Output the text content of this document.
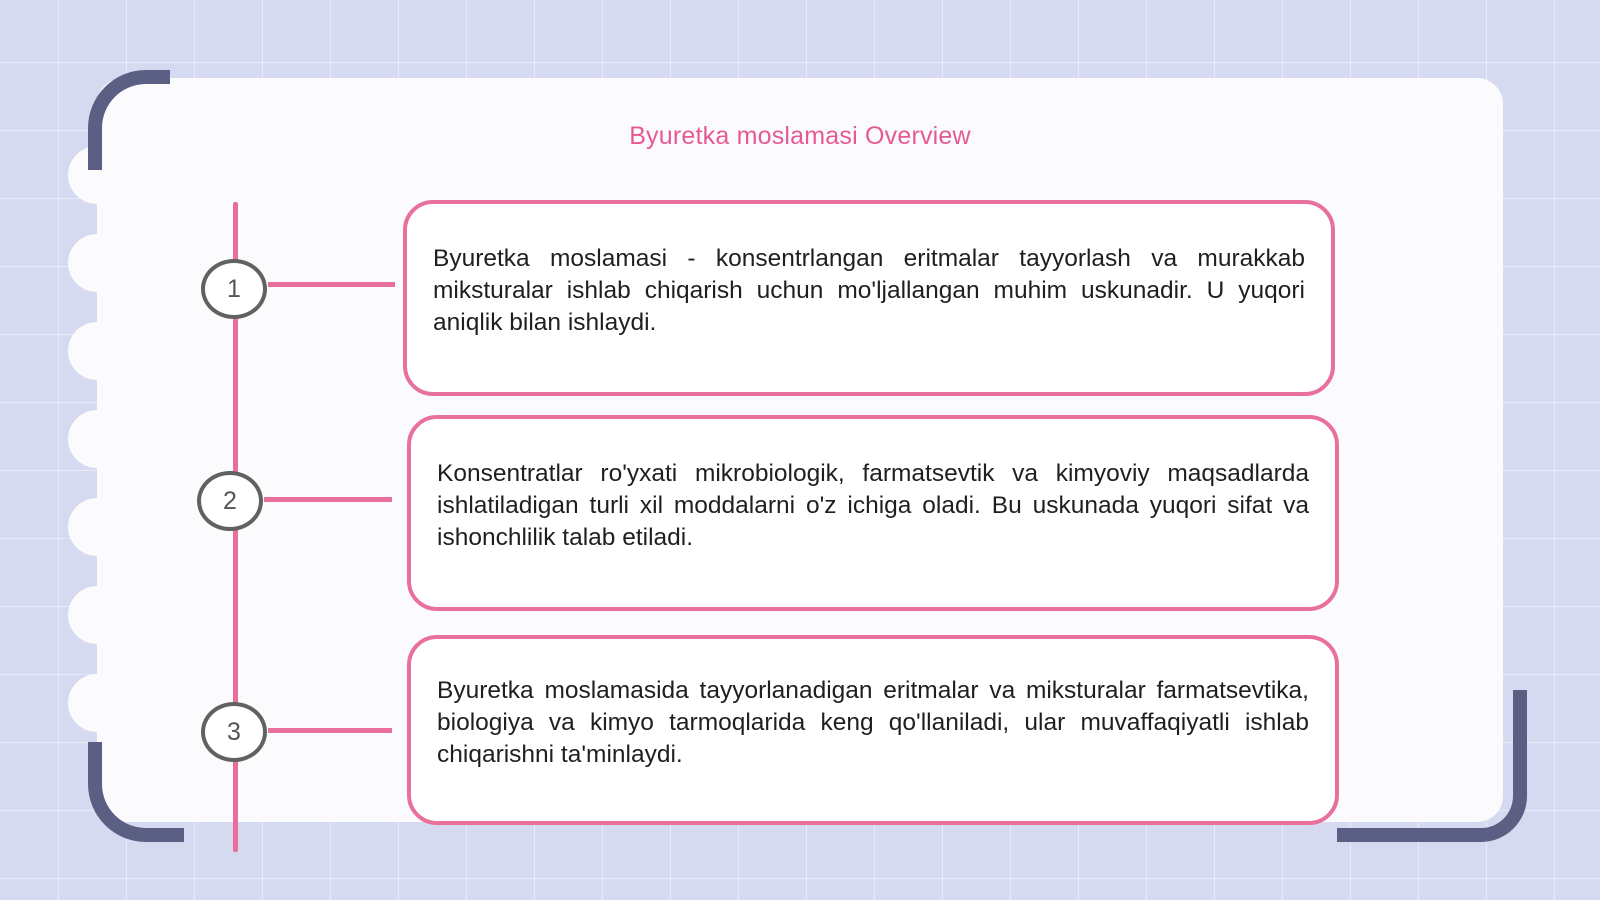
Byuretka moslamasi Overview
1
Byuretka moslamasi - konsentrlangan eritmalar tayyorlash va murakkab miksturalar ishlab chiqarish uchun mo'ljallangan muhim uskunadir. U yuqori aniqlik bilan ishlaydi.
2
Konsentratlar ro'yxati mikrobiologik, farmatsevtik va kimyoviy maqsadlarda ishlatiladigan turli xil moddalarni o'z ichiga oladi. Bu uskunada yuqori sifat va ishonchlilik talab etiladi.
3
Byuretka moslamasida tayyorlanadigan eritmalar va miksturalar farmatsevtika, biologiya va kimyo tarmoqlarida keng qo'llaniladi, ular muvaffaqiyatli ishlab chiqarishni ta'minlaydi.
